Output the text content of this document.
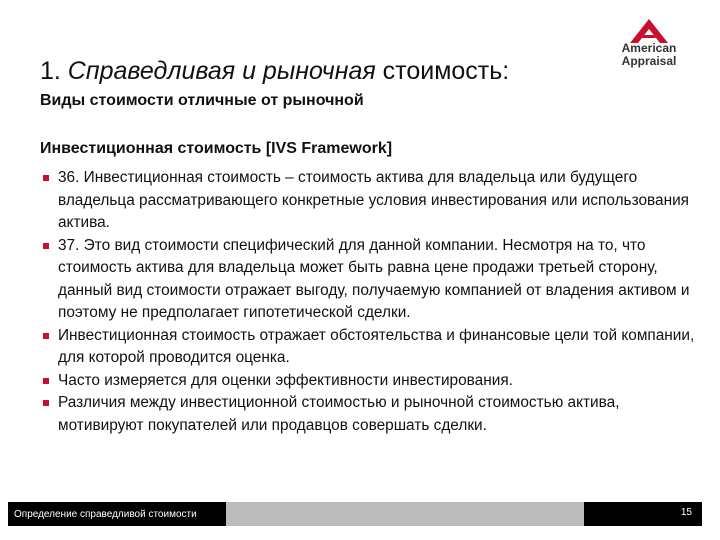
1. Справедливая и рыночная стоимость:
Виды стоимости отличные от рыночной
American
Appraisal
Инвестиционная стоимость [IVS Framework]
36. Инвестиционная стоимость – стоимость актива для владельца или будущего владельца рассматривающего конкретные условия инвестирования или использования актива.
37. Это вид стоимости специфический для данной компании. Несмотря на то, что стоимость актива для владельца может быть равна цене продажи третьей сторону, данный вид стоимости отражает выгоду, получаемую компанией от владения активом и поэтому не предполагает гипотетической сделки.
Инвестиционная стоимость отражает обстоятельства и финансовые цели той компании, для которой проводится оценка.
Часто измеряется для оценки эффективности инвестирования.
Различия между инвестиционной стоимостью и рыночной стоимостью актива, мотивируют покупателей или продавцов совершать сделки.
Определение справедливой стоимости	15
